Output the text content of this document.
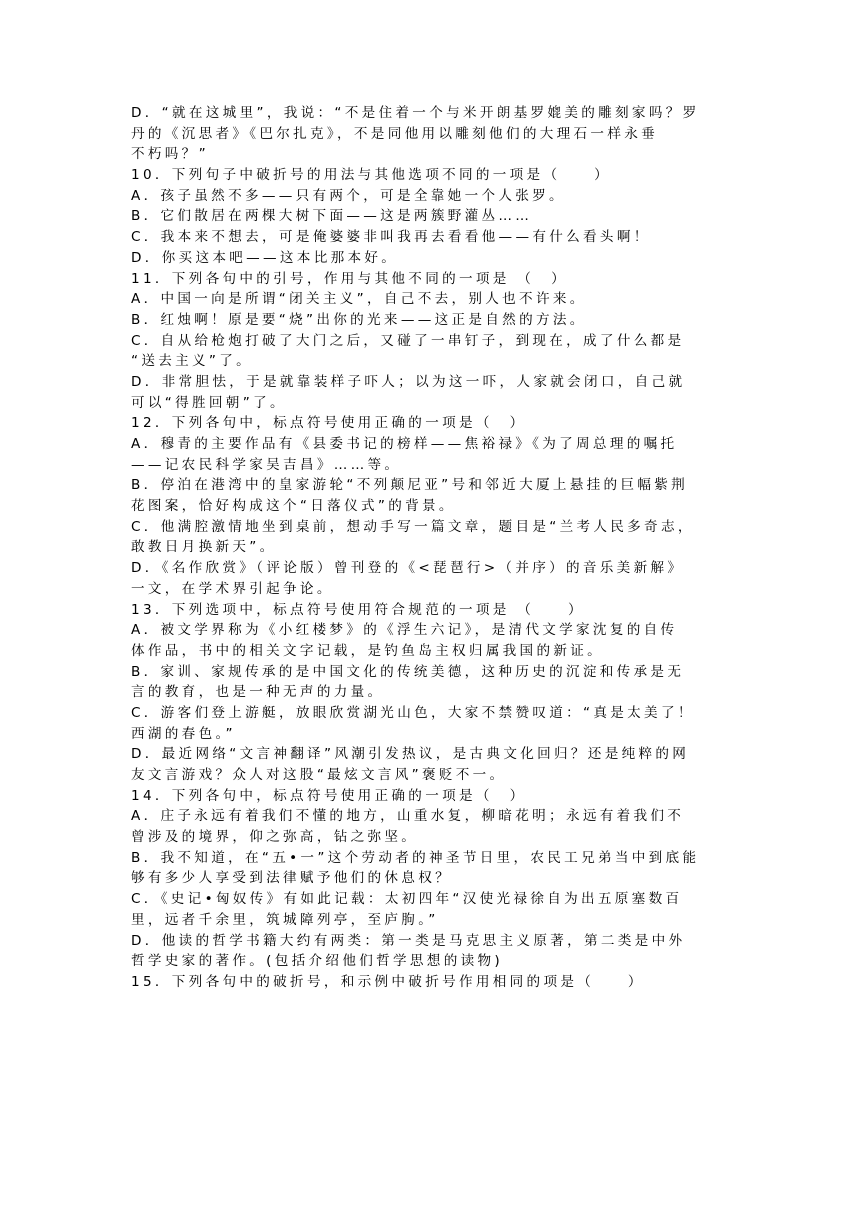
D．“就在这城里”，我说：“不是住着一个与米开朗基罗媲美的雕刻家吗？罗
丹的《沉思者》《巴尔扎克》，不是同他用以雕刻他们的大理石一样永垂
不朽吗？”
10．下列句子中破折号的用法与其他选项不同的一项是（　　）
A．孩子虽然不多——只有两个，可是全靠她一个人张罗。
B．它们散居在两棵大树下面——这是两簇野灌丛……
C．我本来不想去，可是俺婆婆非叫我再去看看他——有什么看头啊！
D．你买这本吧——这本比那本好。
11．下列各句中的引号，作用与其他不同的一项是 （　）
A．中国一向是所谓“闭关主义”，自己不去，别人也不许来。
B．红烛啊！原是要“烧”出你的光来——这正是自然的方法。
C．自从给枪炮打破了大门之后，又碰了一串钉子，到现在，成了什么都是
“送去主义”了。
D．非常胆怯，于是就靠装样子吓人；以为这一吓，人家就会闭口，自己就
可以“得胜回朝”了。
12．下列各句中，标点符号使用正确的一项是（　）
A．穆青的主要作品有《县委书记的榜样——焦裕禄》《为了周总理的嘱托
——记农民科学家吴吉昌》……等。
B．停泊在港湾中的皇家游轮“不列颠尼亚”号和邻近大厦上悬挂的巨幅紫荆
花图案，恰好构成这个“日落仪式”的背景。
C．他满腔激情地坐到桌前，想动手写一篇文章，题目是“兰考人民多奇志，
敢教日月换新天”。
D．《名作欣赏》（评论版）曾刊登的《<琵琶行>（并序）的音乐美新解》
一文，在学术界引起争论。
13．下列选项中，标点符号使用符合规范的一项是 （　　）
A．被文学界称为《小红楼梦》的《浮生六记》，是清代文学家沈复的自传
体作品，书中的相关文字记载，是钓鱼岛主权归属我国的新证。
B．家训、家规传承的是中国文化的传统美德，这种历史的沉淀和传承是无
言的教育，也是一种无声的力量。
C．游客们登上游艇，放眼欣赏湖光山色，大家不禁赞叹道：“真是太美了！
西湖的春色。”
D．最近网络“文言神翻译”风潮引发热议，是古典文化回归？还是纯粹的网
友文言游戏？众人对这股“最炫文言风”褒贬不一。
14．下列各句中，标点符号使用正确的一项是（　）
A．庄子永远有着我们不懂的地方，山重水复，柳暗花明；永远有着我们不
曾涉及的境界，仰之弥高，钻之弥坚。
B．我不知道，在“五•一”这个劳动者的神圣节日里，农民工兄弟当中到底能
够有多少人享受到法律赋予他们的休息权？
C．《史记•匈奴传》有如此记载：太初四年“汉使光禄徐自为出五原塞数百
里，远者千余里，筑城障列亭，至庐朐。”
D．他读的哲学书籍大约有两类：第一类是马克思主义原著，第二类是中外
哲学史家的著作。(包括介绍他们哲学思想的读物)
15．下列各句中的破折号，和示例中破折号作用相同的项是（　　）
